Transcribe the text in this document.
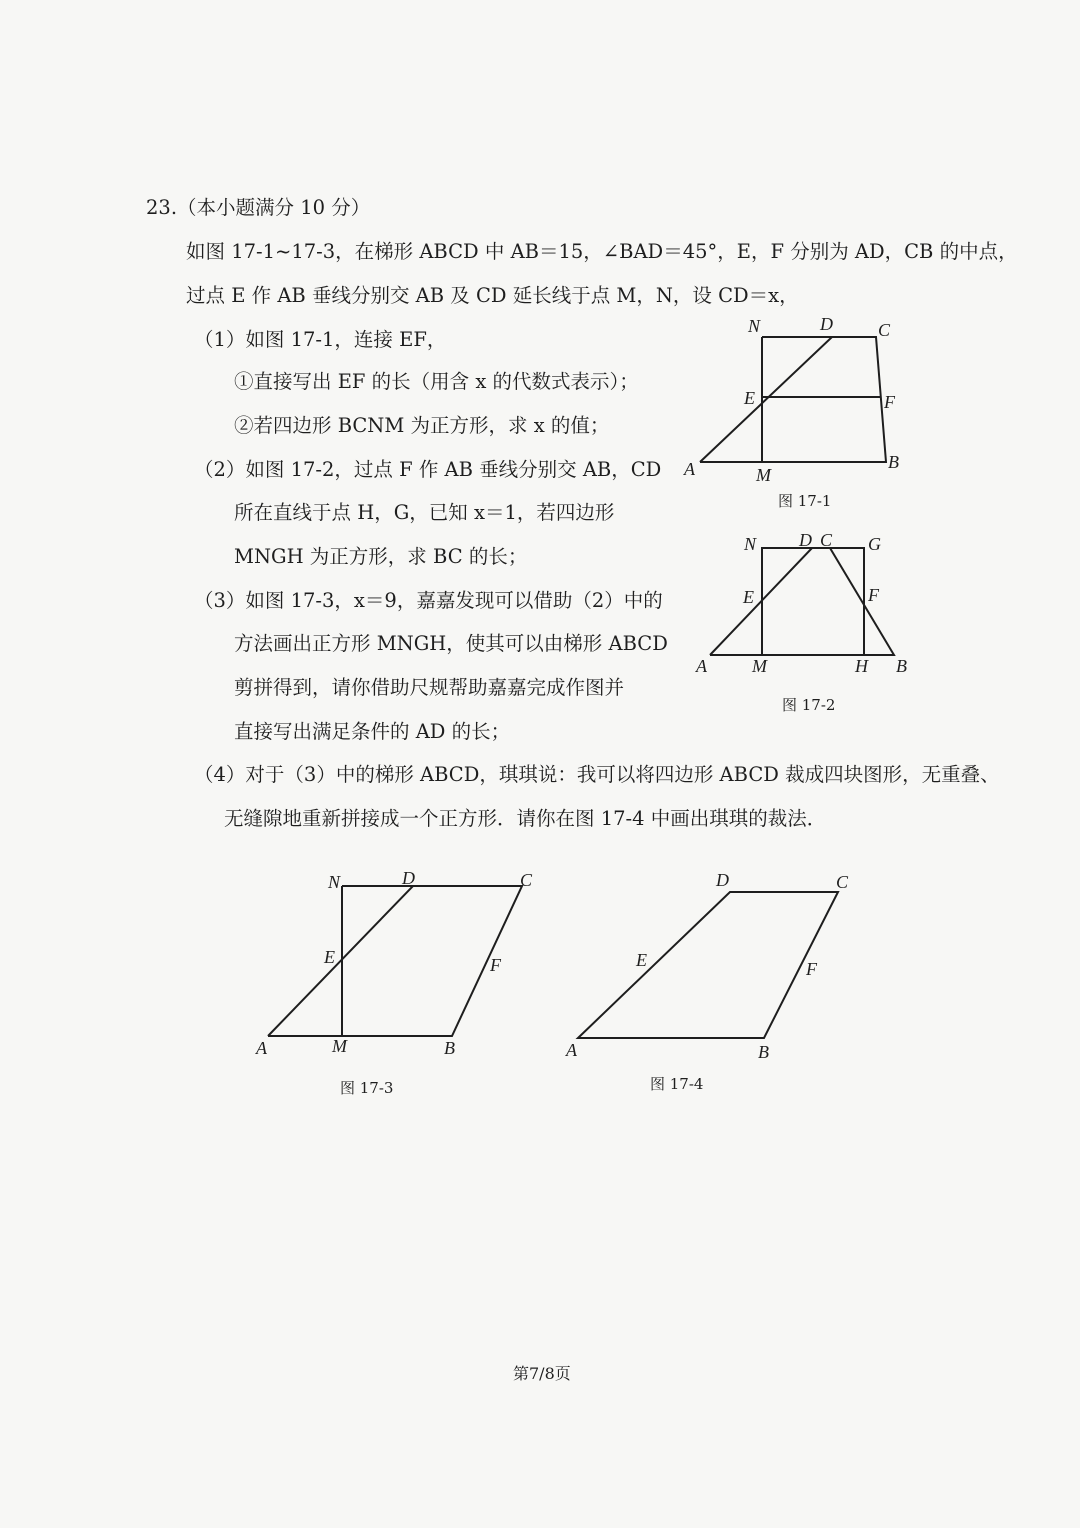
23.（本小题满分 10 分）
如图 17-1~17-3，在梯形 ABCD 中 AB＝15，∠BAD＝45°，E，F 分别为 AD，CB 的中点，
过点 E 作 AB 垂线分别交 AB 及 CD 延长线于点 M，N，设 CD＝x，
（1）如图 17-1，连接 EF，
①直接写出 EF 的长（用含 x 的代数式表示）；
②若四边形 BCNM 为正方形，求 x 的值；
（2）如图 17-2，过点 F 作 AB 垂线分别交 AB，CD
所在直线于点 H，G，已知 x＝1，若四边形
MNGH 为正方形，求 BC 的长；
（3）如图 17-3，x＝9，嘉嘉发现可以借助（2）中的
方法画出正方形 MNGH，使其可以由梯形 ABCD
剪拼得到，请你借助尺规帮助嘉嘉完成作图并
直接写出满足条件的 AD 的长；
（4）对于（3）中的梯形 ABCD，琪琪说：我可以将四边形 ABCD 裁成四块图形，无重叠、
无缝隙地重新拼接成一个正方形．请你在图 17-4 中画出琪琪的裁法．
N	D	C
E	F
A	M
B
图 17-1
N D C G
E	F
A	M	H B
图 17-2
N	D	C
E	F
A	M	B
图 17-3
D	C
E	F
A	B
图 17-4
第7/8页
